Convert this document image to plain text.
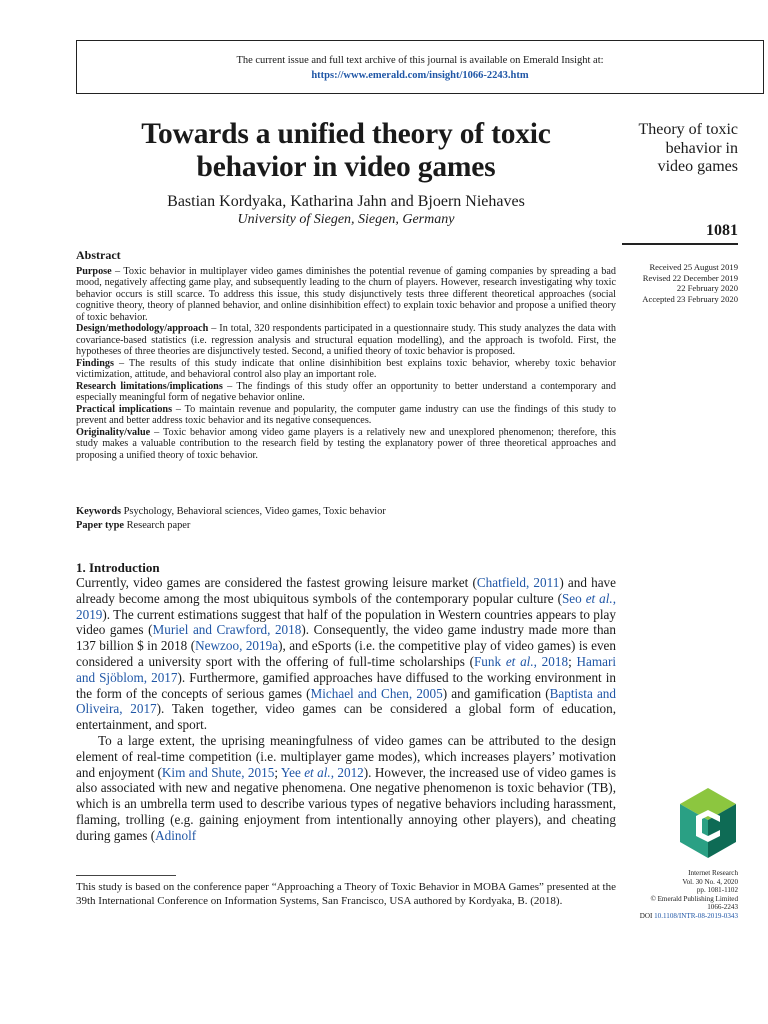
The current issue and full text archive of this journal is available on Emerald Insight at:
https://www.emerald.com/insight/1066-2243.htm
Towards a unified theory of toxic
behavior in video games
Bastian Kordyaka, Katharina Jahn and Bjoern Niehaves
University of Siegen, Siegen, Germany
Theory of toxic
behavior in
video games
1081
Received 25 August 2019
Revised 22 December 2019
22 February 2020
Accepted 23 February 2020
Abstract

Purpose – Toxic behavior in multiplayer video games diminishes the potential revenue of gaming companies by spreading a bad mood, negatively affecting game play, and subsequently leading to the churn of players. However, research investigating why toxic behavior occurs is still scarce. To address this issue, this study disjunctively tests three different theoretical approaches (social cognitive theory, theory of planned behavior, and online disinhibition effect) to explain toxic behavior and propose a unified theory of toxic behavior.

Design/methodology/approach – In total, 320 respondents participated in a questionnaire study. This study analyzes the data with covariance-based statistics (i.e. regression analysis and structural equation modelling), and the approach is twofold. First, the hypotheses of three theories are disjunctively tested. Second, a unified theory of toxic behavior is proposed.

Findings – The results of this study indicate that online disinhibition best explains toxic behavior, whereby toxic behavior victimization, attitude, and behavioral control also play an important role.

Research limitations/implications – The findings of this study offer an opportunity to better understand a contemporary and especially meaningful form of negative behavior online.

Practical implications – To maintain revenue and popularity, the computer game industry can use the findings of this study to prevent and better address toxic behavior and its negative consequences.

Originality/value – Toxic behavior among video game players is a relatively new and unexplored phenomenon; therefore, this study makes a valuable contribution to the research field by testing the explanatory power of three theoretical approaches and proposing a unified theory of toxic behavior.

Keywords Psychology, Behavioral sciences, Video games, Toxic behavior
Paper type Research paper
1. Introduction

Currently, video games are considered the fastest growing leisure market (Chatfield, 2011) and have already become among the most ubiquitous symbols of the contemporary popular culture (Seo et al., 2019). The current estimations suggest that half of the population in Western countries appears to play video games (Muriel and Crawford, 2018). Consequently, the video game industry made more than 137 billion $ in 2018 (Newzoo, 2019a), and eSports (i.e. the competitive play of video games) is even considered a university sport with the offering of full-time scholarships (Funk et al., 2018; Hamari and Sjöblom, 2017). Furthermore, gamified approaches have diffused to the working environment in the form of the concepts of serious games (Michael and Chen, 2005) and gamification (Baptista and Oliveira, 2017). Taken together, video games can be considered a global form of education, entertainment, and sport.

To a large extent, the uprising meaningfulness of video games can be attributed to the design element of real-time competition (i.e. multiplayer game modes), which increases players’ motivation and enjoyment (Kim and Shute, 2015; Yee et al., 2012). However, the increased use of video games is also associated with new and negative phenomena. One negative phenomenon is toxic behavior (TB), which is an umbrella term used to describe various types of negative behaviors including harassment, flaming, trolling (e.g. gaining enjoyment from intentionally annoying other players), and cheating during games (Adinolf

This study is based on the conference paper “Approaching a Theory of Toxic Behavior in MOBA Games” presented at the 39th International Conference on Information Systems, San Francisco, USA authored by Kordyaka, B. (2018).
Internet Research
Vol. 30 No. 4, 2020
pp. 1081-1102
© Emerald Publishing Limited
1066-2243
DOI 10.1108/INTR-08-2019-0343
